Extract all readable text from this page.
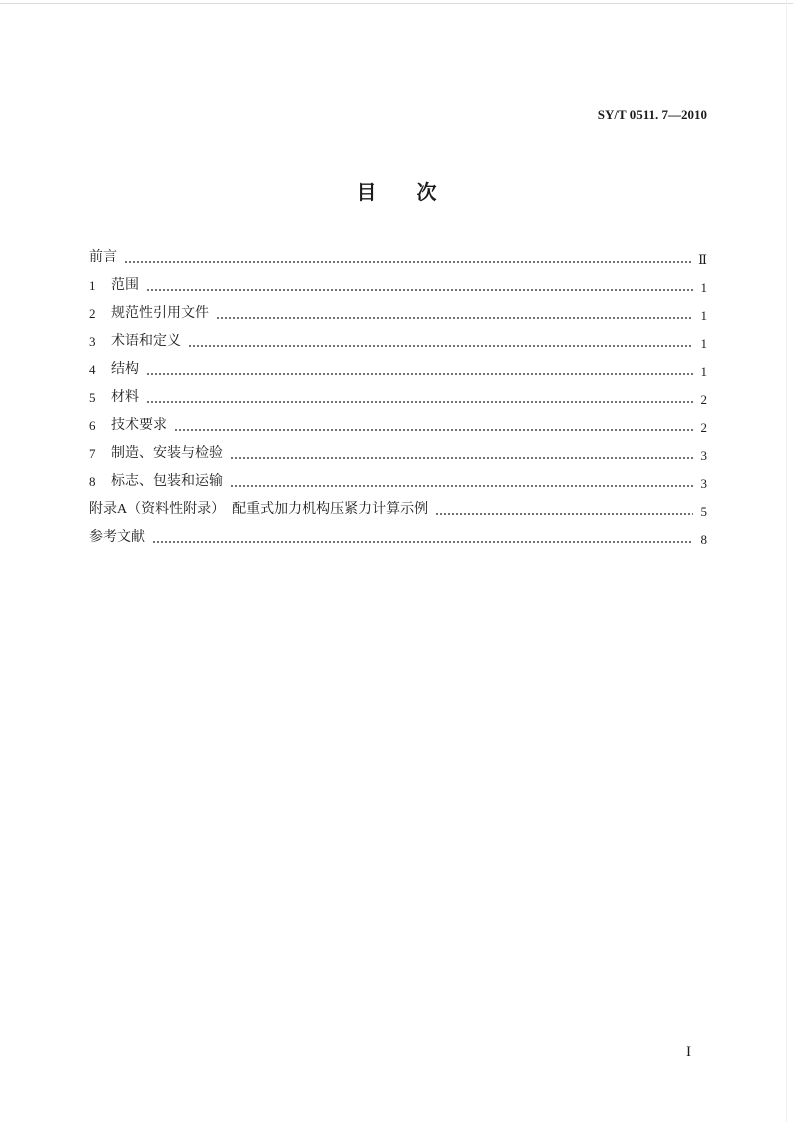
SY/T 0511. 7—2010
目　　次
前言	Ⅱ
1	范围	1
2	规范性引用文件	1
3	术语和定义	1
4	结构	1
5	材料	2
6	技术要求	2
7	制造、安装与检验	3
8	标志、包装和运输	3
附录A（资料性附录）　配重式加力机构压紧力计算示例	5
参考文献	8
I
